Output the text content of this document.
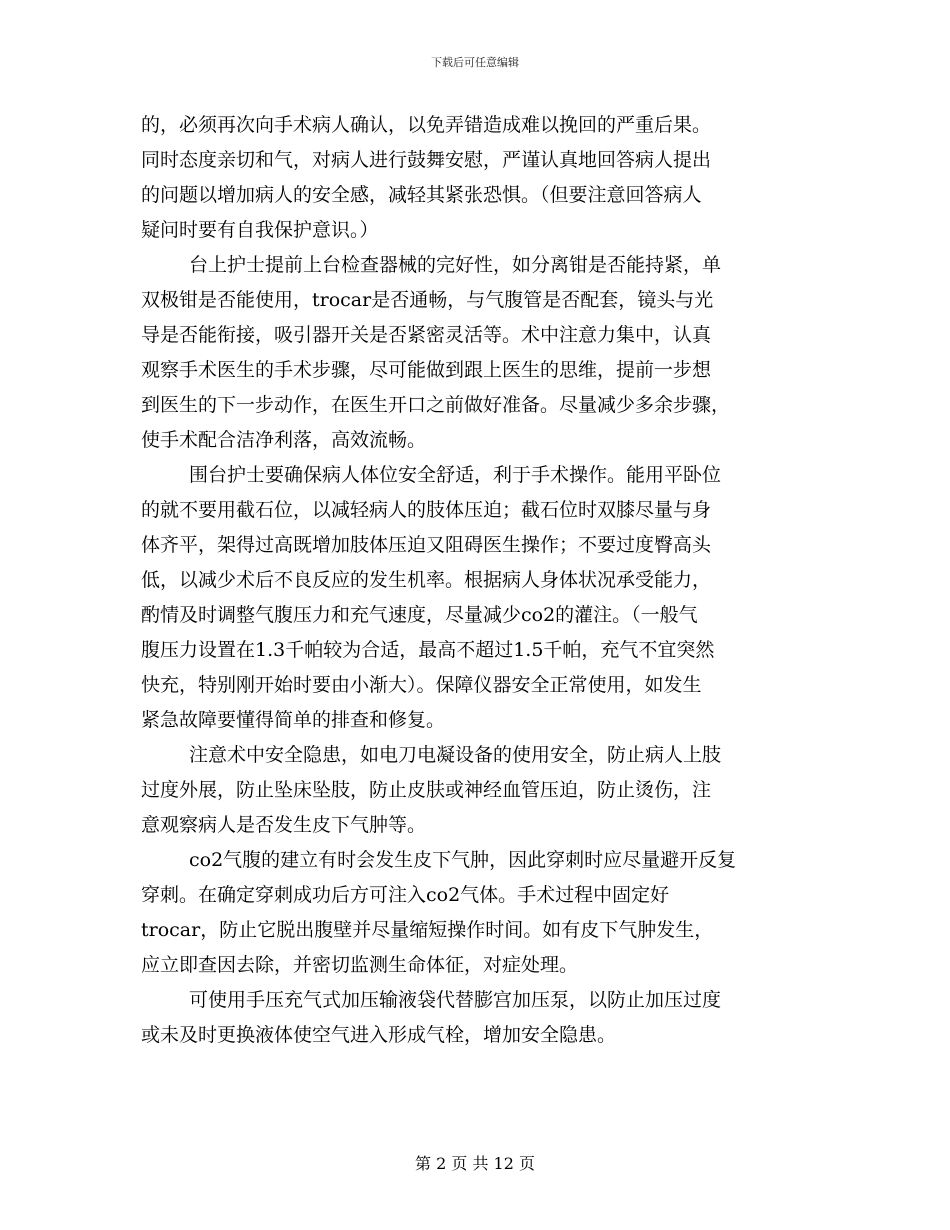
下载后可任意编辑
的，必须再次向手术病人确认，以免弄错造成难以挽回的严重后果。
同时态度亲切和气，对病人进行鼓舞安慰，严谨认真地回答病人提出
的问题以增加病人的安全感，减轻其紧张恐惧。（但要注意回答病人
疑问时要有自我保护意识。）
台上护士提前上台检查器械的完好性，如分离钳是否能持紧，单
双极钳是否能使用，trocar是否通畅，与气腹管是否配套，镜头与光
导是否能衔接，吸引器开关是否紧密灵活等。术中注意力集中，认真
观察手术医生的手术步骤，尽可能做到跟上医生的思维，提前一步想
到医生的下一步动作，在医生开口之前做好准备。尽量减少多余步骤，
使手术配合洁净利落，高效流畅。
围台护士要确保病人体位安全舒适，利于手术操作。能用平卧位
的就不要用截石位，以减轻病人的肢体压迫；截石位时双膝尽量与身
体齐平，架得过高既增加肢体压迫又阻碍医生操作；不要过度臀高头
低，以减少术后不良反应的发生机率。根据病人身体状况承受能力，
酌情及时调整气腹压力和充气速度，尽量减少co2的灌注。（一般气
腹压力设置在1.3千帕较为合适，最高不超过1.5千帕，充气不宜突然
快充，特别刚开始时要由小渐大）。保障仪器安全正常使用，如发生
紧急故障要懂得简单的排查和修复。
注意术中安全隐患，如电刀电凝设备的使用安全，防止病人上肢
过度外展，防止坠床坠肢，防止皮肤或神经血管压迫，防止烫伤，注
意观察病人是否发生皮下气肿等。
co2气腹的建立有时会发生皮下气肿，因此穿刺时应尽量避开反复
穿刺。在确定穿刺成功后方可注入co2气体。手术过程中固定好
trocar，防止它脱出腹壁并尽量缩短操作时间。如有皮下气肿发生，
应立即查因去除，并密切监测生命体征，对症处理。
可使用手压充气式加压输液袋代替膨宫加压泵，以防止加压过度
或未及时更换液体使空气进入形成气栓，增加安全隐患。
第 2 页 共 12 页
